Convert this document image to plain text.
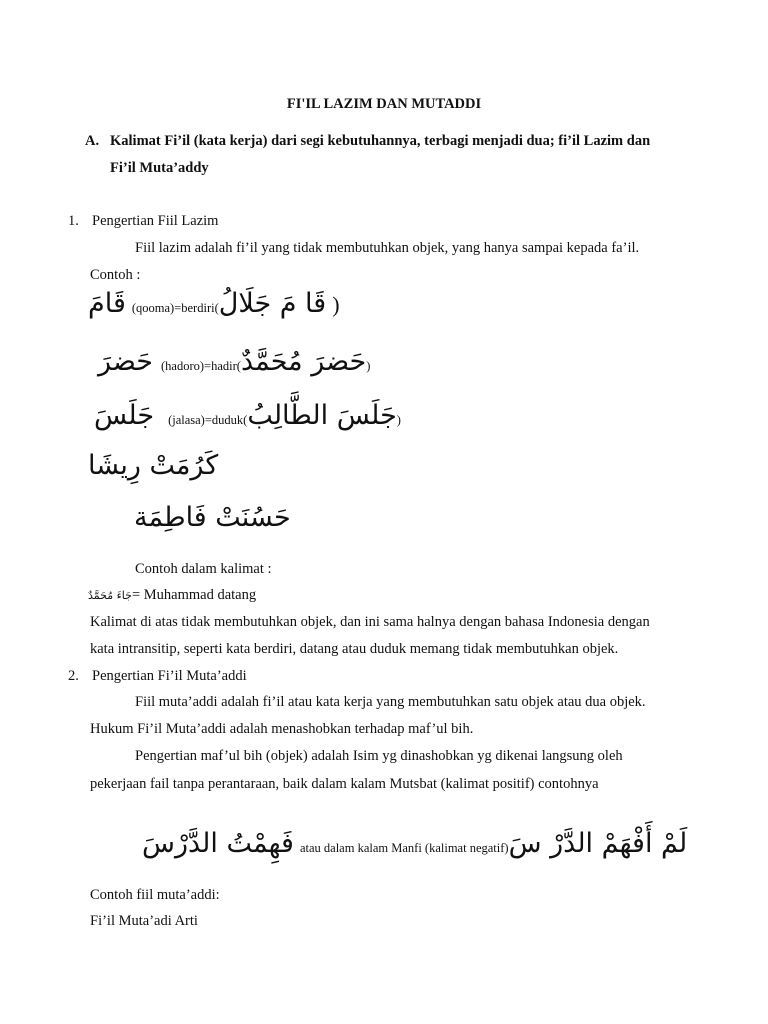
FI'IL LAZIM DAN MUTADDI
A. Kalimat Fi’il (kata kerja) dari segi kebutuhannya, terbagi menjadi dua; fi’il Lazim dan
Fi’il Muta’addy
1. Pengertian Fiil Lazim
Fiil lazim adalah fi’il yang tidak membutuhkan objek, yang hanya sampai kepada fa’il.
Contoh :
قَامَ (qooma)=berdiri( قَا مَ جَلَالُ )
حَضرَ (hadoro)=hadir( حَضرَ مُحَمَّدٌ )
جَلَسَ (jalasa)=duduk( جَلَسَ الطَّالِبُ )
كَرُمَتْ رِيشَا
حَسُنَتْ فَاطِمَة
Contoh dalam kalimat :
جَاءَ مُحَمَّدٌ = Muhammad datang
Kalimat di atas tidak membutuhkan objek, dan ini sama halnya dengan bahasa Indonesia dengan
kata intransitip, seperti kata berdiri, datang atau duduk memang tidak membutuhkan objek.
2. Pengertian Fi’il Muta’addi
Fiil muta’addi adalah fi’il atau kata kerja yang membutuhkan satu objek atau dua objek.
Hukum Fi’il Muta’addi adalah menashobkan terhadap maf’ul bih.
Pengertian maf’ul bih (objek) adalah Isim yg dinashobkan yg dikenai langsung oleh
pekerjaan fail tanpa perantaraan, baik dalam kalam Mutsbat (kalimat positif) contohnya
فَهِمْتُ الدَّرْسَ atau dalam kalam Manfi (kalimat negatif) لَمْ أَفْهَمْ الدَّرْ سَ
Contoh fiil muta’addi:
Fi’il Muta’adi Arti
